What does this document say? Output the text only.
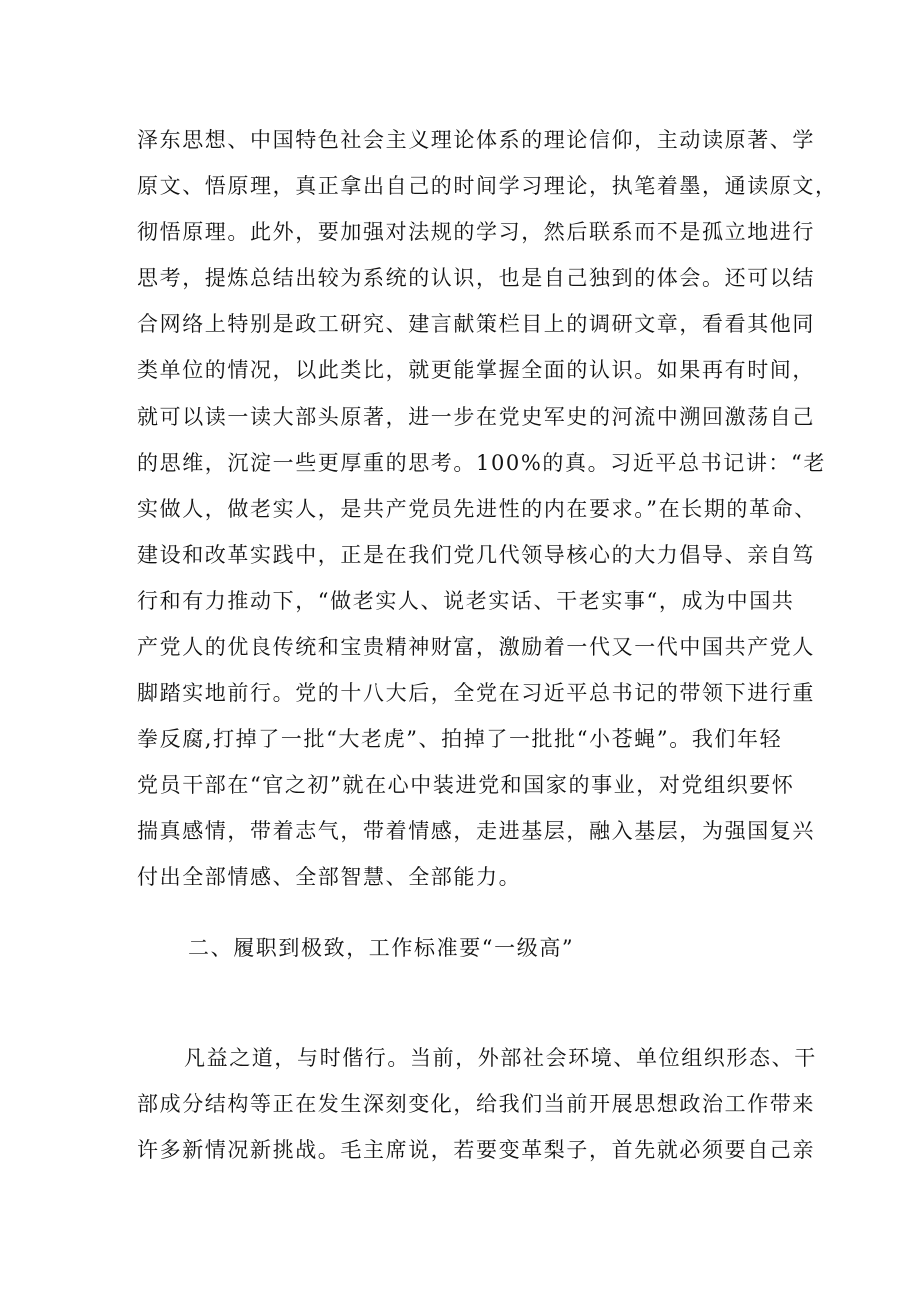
泽东思想、中国特色社会主义理论体系的理论信仰，主动读原著、学
原文、悟原理，真正拿出自己的时间学习理论，执笔着墨，通读原文，
彻悟原理。此外，要加强对法规的学习，然后联系而不是孤立地进行
思考，提炼总结出较为系统的认识，也是自己独到的体会。还可以结
合网络上特别是政工研究、建言献策栏目上的调研文章，看看其他同
类单位的情况，以此类比，就更能掌握全面的认识。如果再有时间，
就可以读一读大部头原著，进一步在党史军史的河流中溯回激荡自己
的思维，沉淀一些更厚重的思考。100%的真。习近平总书记讲：“老
实做人，做老实人，是共产党员先进性的内在要求。”在长期的革命、
建设和改革实践中，正是在我们党几代领导核心的大力倡导、亲自笃
行和有力推动下，“做老实人、说老实话、干老实事“，成为中国共
产党人的优良传统和宝贵精神财富，激励着一代又一代中国共产党人
脚踏实地前行。党的十八大后，全党在习近平总书记的带领下进行重
拳反腐,打掉了一批“大老虎”、拍掉了一批批“小苍蝇”。我们年轻
党员干部在“官之初”就在心中装进党和国家的事业，对党组织要怀
揣真感情，带着志气，带着情感，走进基层，融入基层，为强国复兴
付出全部情感、全部智慧、全部能力。
二、履职到极致，工作标准要“一级高”
凡益之道，与时偕行。当前，外部社会环境、单位组织形态、干
部成分结构等正在发生深刻变化，给我们当前开展思想政治工作带来
许多新情况新挑战。毛主席说，若要变革梨子，首先就必须要自己亲
